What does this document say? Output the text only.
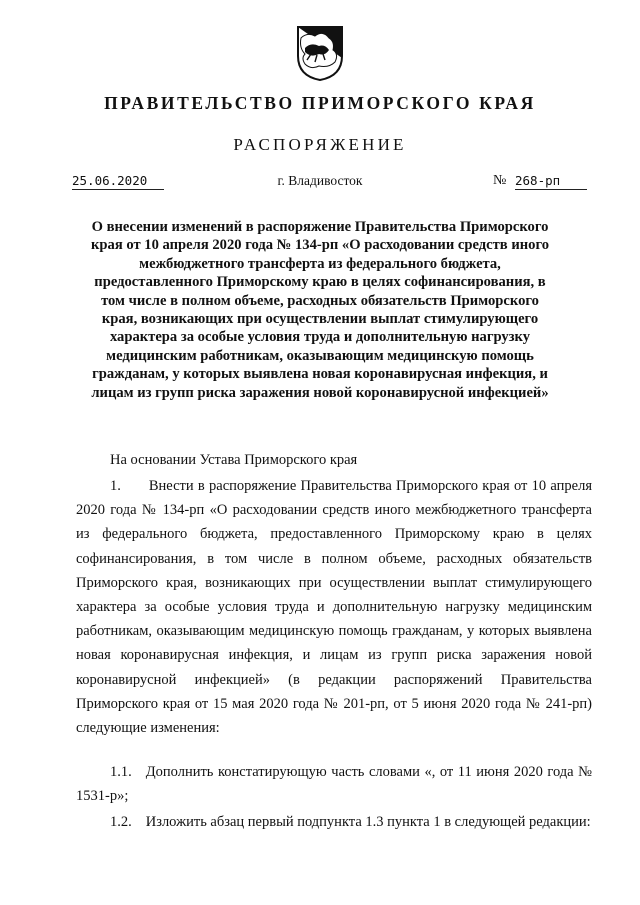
ПРАВИТЕЛЬСТВО ПРИМОРСКОГО КРАЯ
РАСПОРЯЖЕНИЕ
25.06.2020	г. Владивосток	№ 268-рп
О внесении изменений в распоряжение Правительства Приморского края от 10 апреля 2020 года № 134-рп «О расходовании средств иного межбюджетного трансферта из федерального бюджета, предоставленного Приморскому краю в целях софинансирования, в том числе в полном объеме, расходных обязательств Приморского края, возникающих при осуществлении выплат стимулирующего характера за особые условия труда и дополнительную нагрузку медицинским работникам, оказывающим медицинскую помощь гражданам, у которых выявлена новая коронавирусная инфекция, и лицам из групп риска заражения новой коронавирусной инфекцией»
На основании Устава Приморского края
1. Внести в распоряжение Правительства Приморского края от 10 апреля 2020 года № 134-рп «О расходовании средств иного межбюджетного трансферта из федерального бюджета, предоставленного Приморскому краю в целях софинансирования, в том числе в полном объеме, расходных обязательств Приморского края, возникающих при осуществлении выплат стимулирующего характера за особые условия труда и дополнительную нагрузку медицинским работникам, оказывающим медицинскую помощь гражданам, у которых выявлена новая коронавирусная инфекция, и лицам из групп риска заражения новой коронавирусной инфекцией» (в редакции распоряжений Правительства Приморского края от 15 мая 2020 года № 201-рп, от 5 июня 2020 года № 241-рп) следующие изменения:
1.1. Дополнить констатирующую часть словами «, от 11 июня 2020 года № 1531-р»;
1.2. Изложить абзац первый подпункта 1.3 пункта 1 в следующей редакции:
